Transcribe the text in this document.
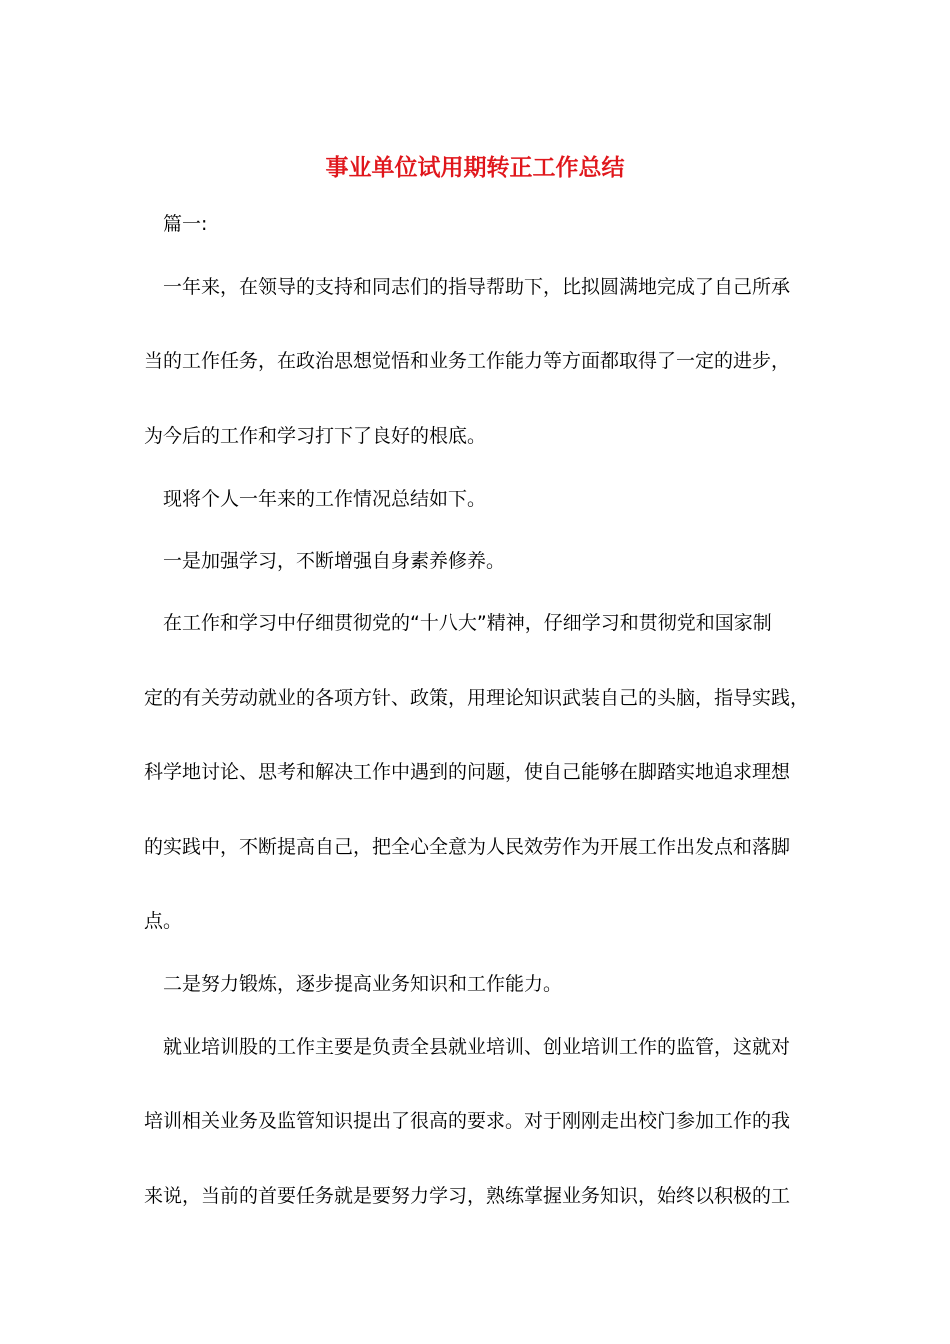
事业单位试用期转正工作总结
篇一:
一年来，在领导的支持和同志们的指导帮助下，比拟圆满地完成了自己所承
当的工作任务，在政治思想觉悟和业务工作能力等方面都取得了一定的进步，
为今后的工作和学习打下了良好的根底。
现将个人一年来的工作情况总结如下。
一是加强学习，不断增强自身素养修养。
在工作和学习中仔细贯彻党的“十八大”精神，仔细学习和贯彻党和国家制
定的有关劳动就业的各项方针、政策，用理论知识武装自己的头脑，指导实践，
科学地讨论、思考和解决工作中遇到的问题，使自己能够在脚踏实地追求理想
的实践中，不断提高自己，把全心全意为人民效劳作为开展工作出发点和落脚
点。
二是努力锻炼，逐步提高业务知识和工作能力。
就业培训股的工作主要是负责全县就业培训、创业培训工作的监管，这就对
培训相关业务及监管知识提出了很高的要求。对于刚刚走出校门参加工作的我
来说，当前的首要任务就是要努力学习，熟练掌握业务知识，始终以积极的工
